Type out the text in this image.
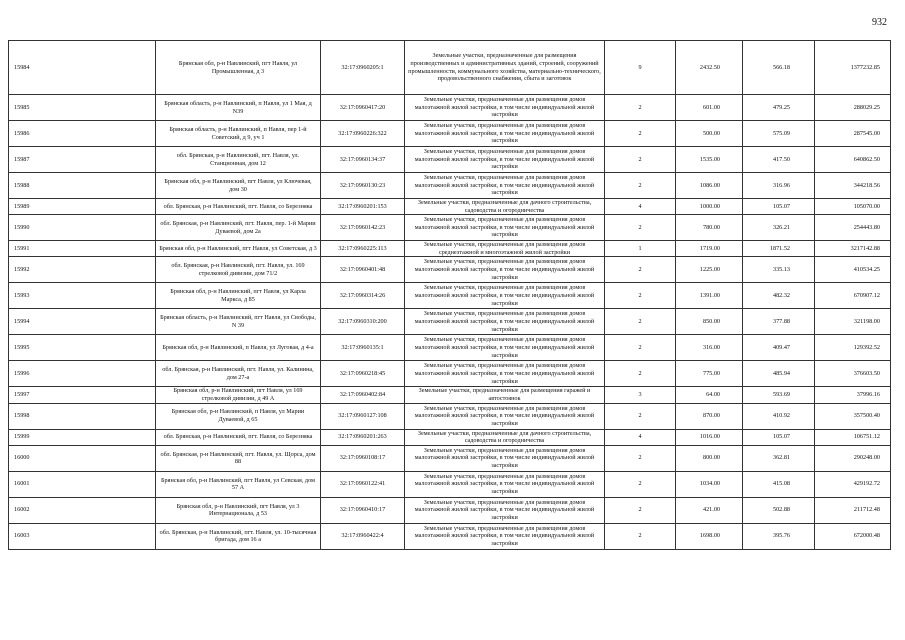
932
15984	Брянская обл, р-н Навлинский, пгт Навля, ул Промышленная, д 3	32:17:0960205:1	Земельные участки, предназначенные для размещения производственных и административных зданий, строений, сооружений промышленности, коммунального хозяйства, материально-технического, продовольственного снабжения, сбыта и заготовок	9	2432.50	566.18	1377232.85
15985	Брянская область, р-н Навлинский, п Навля, ул 1 Мая, д N39	32:17:0960417:20	Земельные участки, предназначенные для размещения домов малоэтажной жилой застройки, в том числе индивидуальной жилой застройки	2	601.00	479.25	288029.25
15986	Брянская область, р-н Навлинский, п Навля, пер 1-й Советский, д 9, уч 1	32:17:0960226:322	Земельные участки, предназначенные для размещения домов малоэтажной жилой застройки, в том числе индивидуальной жилой застройки	2	500.00	575.09	287545.00
15987	обл. Брянская, р-н Навлинский, пгт. Навля, ул. Станционная, дом 12	32:17:0960134:37	Земельные участки, предназначенные для размещения домов малоэтажной жилой застройки, в том числе индивидуальной жилой застройки	2	1535.00	417.50	640862.50
15988	Брянская обл, р-н Навлинский, пгт Навля, ул Ключевая, дом 30	32:17:0960130:23	Земельные участки, предназначенные для размещения домов малоэтажной жилой застройки, в том числе индивидуальной жилой застройки	2	1086.00	316.96	344218.56
15989	обл. Брянская, р-н Навлинский, пгт. Навля, со Березняка	32:17:0960201:153	Земельные участки, предназначенные для дачного строительства, садоводства и огородничества	4	1000.00	105.07	105070.00
15990	обл. Брянская, р-н Навлинский, пгт. Навля, пер. 1-й Марии Дуваевой, дом 2а	32:17:0960142:23	Земельные участки, предназначенные для размещения домов малоэтажной жилой застройки, в том числе индивидуальной жилой застройки	2	780.00	326.21	254443.80
15991	Брянская обл, р-н Навлинский, пгт Навля, ул Советская, д 3	32:17:0960225:113	Земельные участки, предназначенные для размещения домов среднеэтажной и многоэтажной жилой застройки	1	1719.00	1871.52	3217142.88
15992	обл. Брянская, р-н Навлинский, пгт. Навля, ул. 169 стрелковой дивизии, дом 71/2	32:17:0960401:48	Земельные участки, предназначенные для размещения домов малоэтажной жилой застройки, в том числе индивидуальной жилой застройки	2	1225.00	335.13	410534.25
15993	Брянская обл, р-н Навлинский, пгт Навля, ул Карла Маркса, д 85	32:17:0960314:26	Земельные участки, предназначенные для размещения домов малоэтажной жилой застройки, в том числе индивидуальной жилой застройки	2	1391.00	482.32	670907.12
15994	Брянская область, р-н Навлинский, пгт Навля, ул Свободы, N 39	32:17:0960310:200	Земельные участки, предназначенные для размещения домов малоэтажной жилой застройки, в том числе индивидуальной жилой застройки	2	850.00	377.88	321198.00
15995	Брянская обл, р-н Навлинский, п Навля, ул Луговая, д 4-а	32:17:0960135:1	Земельные участки, предназначенные для размещения домов малоэтажной жилой застройки, в том числе индивидуальной жилой застройки	2	316.00	409.47	129392.52
15996	обл. Брянская, р-н Навлинский, пгт. Навля, ул. Калинина, дом 27-а	32:17:0960218:45	Земельные участки, предназначенные для размещения домов малоэтажной жилой застройки, в том числе индивидуальной жилой застройки	2	775.00	485.94	376603.50
15997	Брянская обл, р-н Навлинский, пгт Навля, ул 169 стрелковой дивизии, д 49 А	32:17:0960402:84	Земельные участки, предназначенные для размещения гаражей и автостоянок	3	64.00	593.69	37996.16
15998	Брянская обл, р-н Навлинский, п Навля, ул Марии Дуваевой, д 65	32:17:0960127:108	Земельные участки, предназначенные для размещения домов малоэтажной жилой застройки, в том числе индивидуальной жилой застройки	2	870.00	410.92	357500.40
15999	обл. Брянская, р-н Навлинский, пгт. Навля, со Березняка	32:17:0960201:263	Земельные участки, предназначенные для дачного строительства, садоводства и огородничества	4	1016.00	105.07	106751.12
16000	обл. Брянская, р-н Навлинский, пгт. Навля, ул. Щорса, дом 88	32:17:0960108:17	Земельные участки, предназначенные для размещения домов малоэтажной жилой застройки, в том числе индивидуальной жилой застройки	2	800.00	362.81	290248.00
16001	Брянская обл, р-н Навлинский, пгт Навля, ул Севская, дом 57 А	32:17:0960122:41	Земельные участки, предназначенные для размещения домов малоэтажной жилой застройки, в том числе индивидуальной жилой застройки	2	1034.00	415.08	429192.72
16002	Брянская обл, р-н Навлинский, пгт Навля, ул 3 Интернационала, д 53	32:17:0960410:17	Земельные участки, предназначенные для размещения домов малоэтажной жилой застройки, в том числе индивидуальной жилой застройки	2	421.00	502.88	211712.48
16003	обл. Брянская, р-н Навлинский, пгт. Навля, ул. 10-тысячная бригада, дом 16 а	32:17:0960422:4	Земельные участки, предназначенные для размещения домов малоэтажной жилой застройки, в том числе индивидуальной жилой застройки	2	1698.00	395.76	672000.48
